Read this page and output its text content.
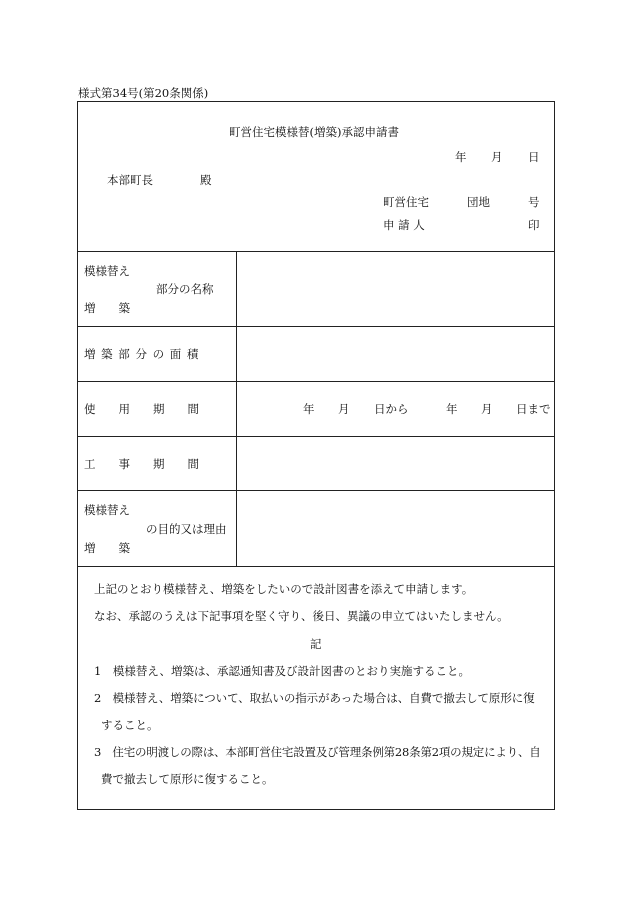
様式第34号(第20条関係)
町営住宅模様替(増築)承認申請書
年 月 日
本部町長	殿
町営住宅	団地	号
申 請 人	印
模様替え
部分の名称
増　　築
増 築 部 分 の 面 積
使　　用　　期　　間	年 月 日から	年 月 日まで
工　　事　　期　　間
模様替え
の目的又は理由
増　　築
上記のとおり模様替え、増築をしたいので設計図書を添えて申請します。
なお、承認のうえは下記事項を堅く守り、後日、異議の申立てはいたしません。
記
1　模様替え、増築は、承認通知書及び設計図書のとおり実施すること。
2　模様替え、増築について、取払いの指示があった場合は、自費で撤去して原形に復
すること。
3　住宅の明渡しの際は、本部町営住宅設置及び管理条例第28条第2項の規定により、自
費で撤去して原形に復すること。
